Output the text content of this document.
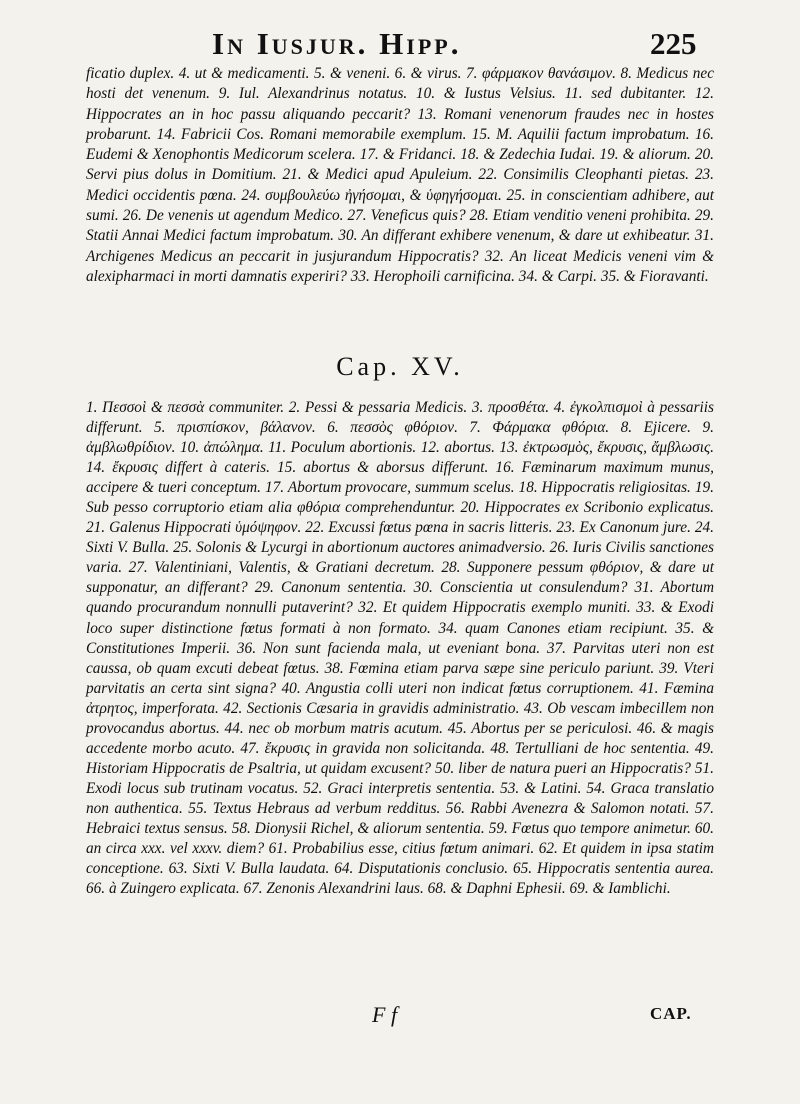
In Iusjur. Hipp.	225

ficatio duplex. 4. ut & medicamenti. 5. & veneni. 6. & virus. 7. φάρμακον θανάσιμον. 8. Medicus nec hosti det venenum. 9. Iul. Alexandrinus notatus. 10. & Iustus Velsius. 11. sed dubitanter. 12. Hippocrates an in hoc passu aliquando peccarit? 13. Romani venenorum fraudes nec in hostes probarunt. 14. Fabricii Cos. Romani memorabile exemplum. 15. M. Aquilii factum improbatum. 16. Eudemi & Xenophontis Medicorum scelera. 17. & Fridanci. 18. & Zedechia Iudai. 19. & aliorum. 20. Servi pius dolus in Domitium. 21. & Medici apud Apuleium. 22. Consimilis Cleophanti pietas. 23. Medici occidentis pœna. 24. συμβουλεύω ἠγήσομαι, & ὑφηγήσομαι. 25. in conscientiam adhibere, aut sumi. 26. De venenis ut agendum Medico. 27. Veneficus quis? 28. Etiam venditio veneni prohibita. 29. Statii Annai Medici factum improbatum. 30. An differant exhibere venenum, & dare ut exhibeatur. 31. Archigenes Medicus an peccarit in jusjurandum Hippocratis? 32. An liceat Medicis veneni vim & alexipharmaci in morti damnatis experiri? 33. Herophoili carnificina. 34. & Carpi. 35. & Fioravanti.

Cap. XV.

1. Πεσσοὶ & πεσσὰ communiter. 2. Pessi & pessaria Medicis. 3. προσθέτα. 4. ἐγκολπισμοὶ à pessariis differunt. 5. πρισπίσκον, βάλανον. 6. πεσσὸς φθόριον. 7. Φάρμακα φθόρια. 8. Ejicere. 9. ἀμβλωθρίδιον. 10. ἀπώλημα. 11. Poculum abortionis. 12. abortus. 13. ἐκτρωσμὸς, ἔκρυσις, ἄμβλωσις. 14. ἔκρυσις differt à cateris. 15. abortus & aborsus differunt. 16. Fæminarum maximum munus, accipere & tueri conceptum. 17. Abortum provocare, summum scelus. 18. Hippocratis religiositas. 19. Sub pesso corruptorio etiam alia φθόρια comprehenduntur. 20. Hippocrates ex Scribonio explicatus. 21. Galenus Hippocrati ὑμόψηφον. 22. Excussi fœtus pœna in sacris litteris. 23. Ex Canonum jure. 24. Sixti V. Bulla. 25. Solonis & Lycurgi in abortionum auctores animadversio. 26. Iuris Civilis sanctiones varia. 27. Valentiniani, Valentis, & Gratiani decretum. 28. Supponere pessum φθόριον, & dare ut supponatur, an differant? 29. Canonum sententia. 30. Conscientia ut consulendum? 31. Abortum quando procurandum nonnulli putaverint? 32. Et quidem Hippocratis exemplo muniti. 33. & Exodi loco super distinctione fœtus formati à non formato. 34. quam Canones etiam recipiunt. 35. & Constitutiones Imperii. 36. Non sunt facienda mala, ut eveniant bona. 37. Parvitas uteri non est caussa, ob quam excuti debeat fœtus. 38. Fœmina etiam parva sæpe sine periculo pariunt. 39. Vteri parvitatis an certa sint signa? 40. Angustia colli uteri non indicat fœtus corruptionem. 41. Fæmina ἀτρητος, imperforata. 42. Sectionis Cæsaria in gravidis administratio. 43. Ob vescam imbecillem non provocandus abortus. 44. nec ob morbum matris acutum. 45. Abortus per se periculosi. 46. & magis accedente morbo acuto. 47. ἔκρυσις in gravida non solicitanda. 48. Tertulliani de hoc sententia. 49. Historiam Hippocratis de Psaltria, ut quidam excusent? 50. liber de natura pueri an Hippocratis? 51. Exodi locus sub trutinam vocatus. 52. Graci interpretis sententia. 53. & Latini. 54. Graca translatio non authentica. 55. Textus Hebraus ad verbum redditus. 56. Rabbi Avenezra & Salomon notati. 57. Hebraici textus sensus. 58. Dionysii Richel, & aliorum sententia. 59. Fœtus quo tempore animetur. 60. an circa xxx. vel xxxv. diem? 61. Probabilius esse, citius fœtum animari. 62. Et quidem in ipsa statim conceptione. 63. Sixti V. Bulla laudata. 64. Disputationis conclusio. 65. Hippocratis sententia aurea. 66. à Zuingero explicata. 67. Zenonis Alexandrini laus. 68. & Daphni Ephesii. 69. & Iamblichi.

F f	CAP.
